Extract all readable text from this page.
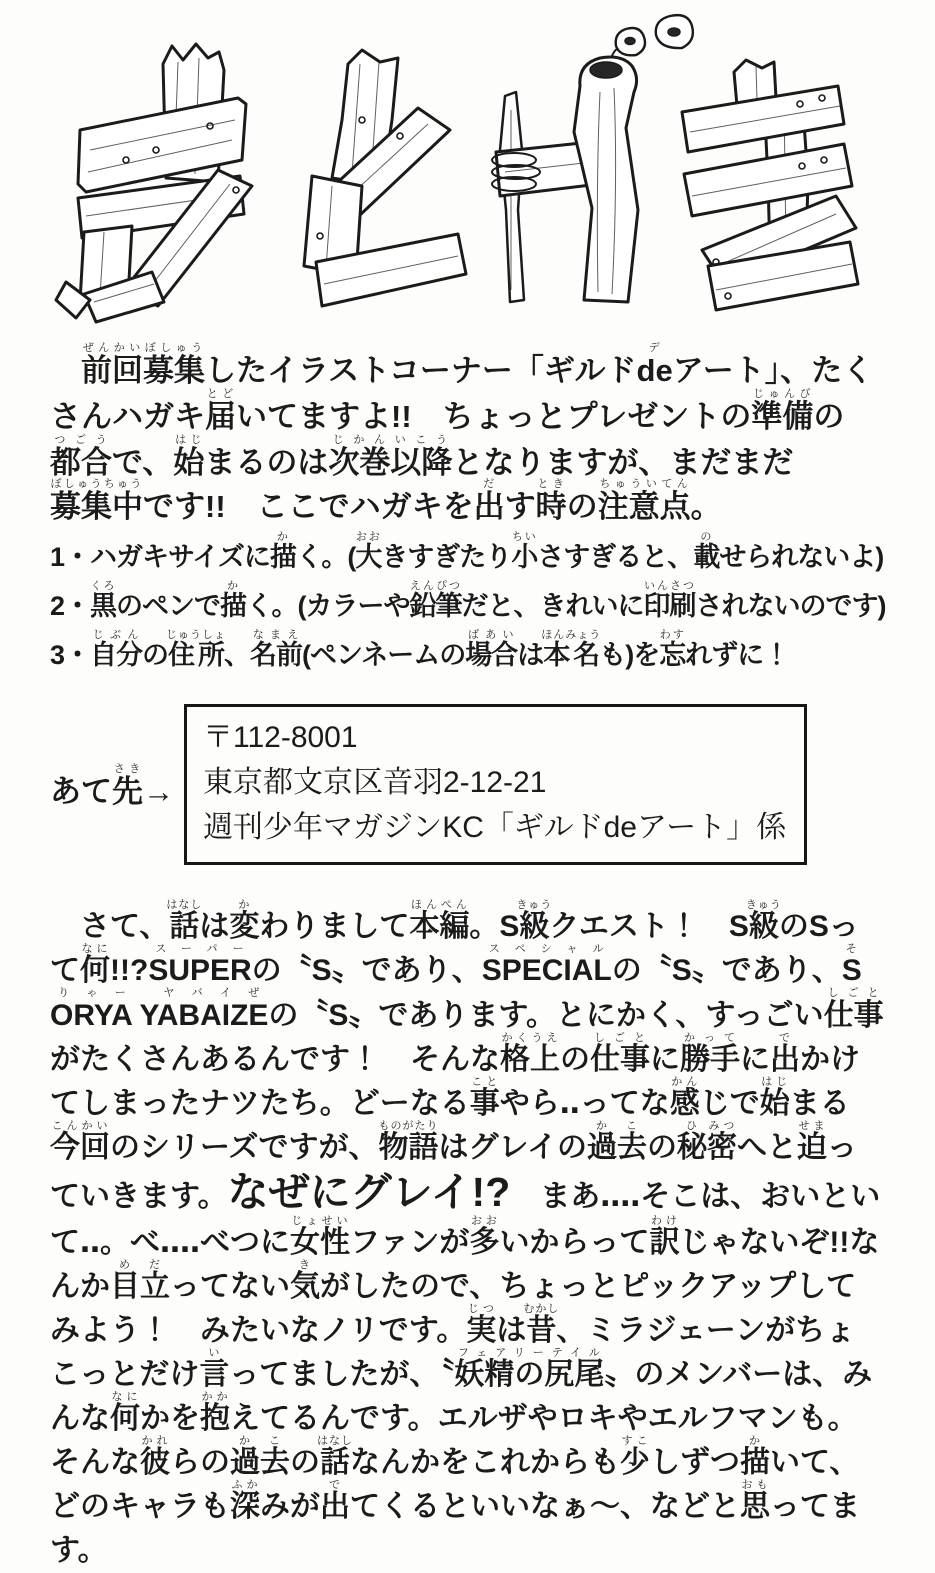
　前回ぜんかい募集ぼしゅうしたイラストコーナー「ギルドdeデアート」、たくさんハガキ届とどいてますよ!!　ちょっとプレゼントの準備じゅんびの都合つごうで、始はじまるのは次巻以降じかんいこうとなりますが、まだまだ募集中ぼしゅうちゅうです!!　ここでハガキを出だす時ときの注意点ちゅういてん。

1・ハガキサイズに描かく。(大おおきすぎたり小ちいさすぎると、載のせられないよ)

2・黒くろのペンで描かく。(カラーや鉛筆えんぴつだと、きれいに印刷いんさつされないのです)

3・自分じぶんの住所じゅうしょ、名前なまえ(ペンネームの場合ばあいは本名ほんみょうも)を忘わすれずに！

あて先さき→
〒112-8001
東京都文京区音羽2-12-21
週刊少年マガジンKC「ギルドdeアート」係

　さて、話はなしは変かわりまして本編ほんぺん。S級きゅうクエスト！　S級きゅうのSって何なに!!?SUPERスーパーの〝S〟であり、SPECIALスペシャルの〝S〟であり、SORYA YABAIZEそりゃー ヤバイぜの〝S〟であります。とにかく、すっごい仕事しごとがたくさんあるんです！　そんな格上かくうえの仕事しごとに勝手かってに出でかけてしまったナツたち。どーなる事ことやら‥ってな感かんじで始はじまる今回こんかいのシリーズですが、物語ものがたりはグレイの過去かこの秘ひ密みつへと迫せまっていきます。なぜにグレイ!?　まあ‥‥そこは、おいといて‥。べ‥‥べつに女性じょせいファンが多おおいからって訳わけじゃないぞ!!なんか目立めだってない気きがしたので、ちょっとピックアップしてみよう！　みたいなノリです。実じつは昔むかし、ミラジェーンがちょこっとだけ言いってましたが、〝妖精の尻尾フェアリーテイル〟のメンバーは、みんな何なにかを抱かかえてるんです。エルザやロキやエルフマンも。そんな彼かれらの過去かこの話はなしなんかをこれからも少すこしずつ描かいて、どのキャラも深ふかみが出でてくるといいなぁ～、などと思おもってます。
